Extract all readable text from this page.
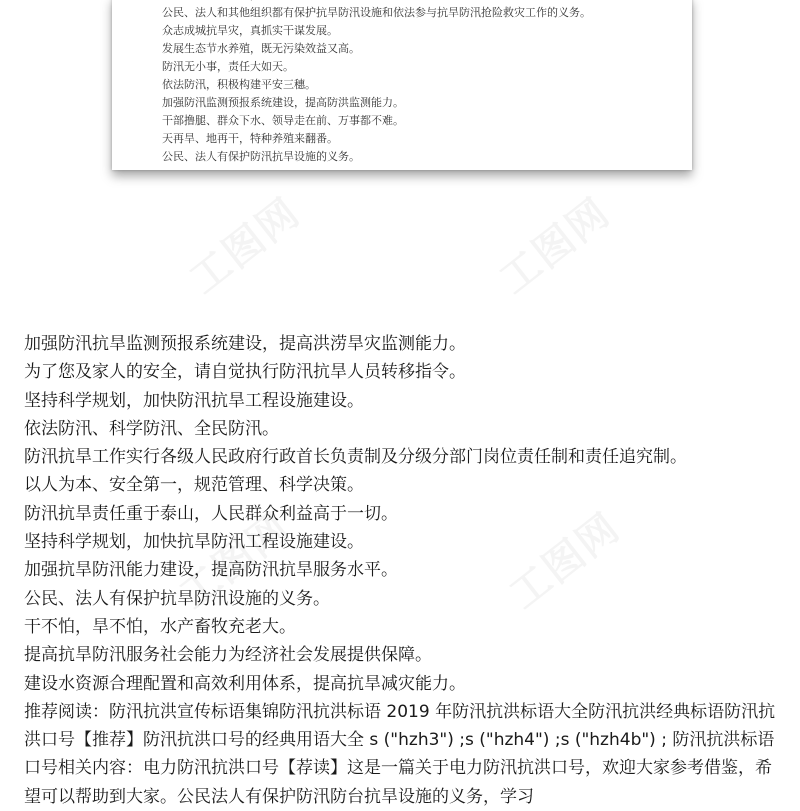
公民、法人和其他组织都有保护抗旱防汛设施和依法参与抗旱防汛抢险救灾工作的义务。
众志成城抗旱灾，真抓实干谋发展。
发展生态节水养殖，既无污染效益又高。
防汛无小事，责任大如天。
依法防汛，积极构建平安三穗。
加强防汛监测预报系统建设，提高防洪监测能力。
干部撸腿、群众下水、领导走在前、万事都不难。
天再旱、地再干，特种养殖来翻番。
公民、法人有保护防汛抗旱设施的义务。
加强防汛抗旱监测预报系统建设，提高洪涝旱灾监测能力。
为了您及家人的安全，请自觉执行防汛抗旱人员转移指令。
坚持科学规划，加快防汛抗旱工程设施建设。
依法防汛、科学防汛、全民防汛。
防汛抗旱工作实行各级人民政府行政首长负责制及分级分部门岗位责任制和责任追究制。
以人为本、安全第一，规范管理、科学决策。
防汛抗旱责任重于泰山，人民群众利益高于一切。
坚持科学规划，加快抗旱防汛工程设施建设。
加强抗旱防汛能力建设，提高防汛抗旱服务水平。
公民、法人有保护抗旱防汛设施的义务。
干不怕，旱不怕，水产畜牧充老大。
提高抗旱防汛服务社会能力为经济社会发展提供保障。
建设水资源合理配置和高效利用体系，提高抗旱减灾能力。
推荐阅读：防汛抗洪宣传标语集锦防汛抗洪标语 2019 年防汛抗洪标语大全防汛抗洪经典标语防汛抗洪口号【推荐】防汛抗洪口号的经典用语大全 s ("hzh3") ;s ("hzh4") ;s ("hzh4b") ; 防汛抗洪标语口号相关内容：电力防汛抗洪口号【荐读】这是一篇关于电力防汛抗洪口号，欢迎大家参考借鉴，希望可以帮助到大家。公民法人有保护防汛防台抗旱设施的义务，学习
